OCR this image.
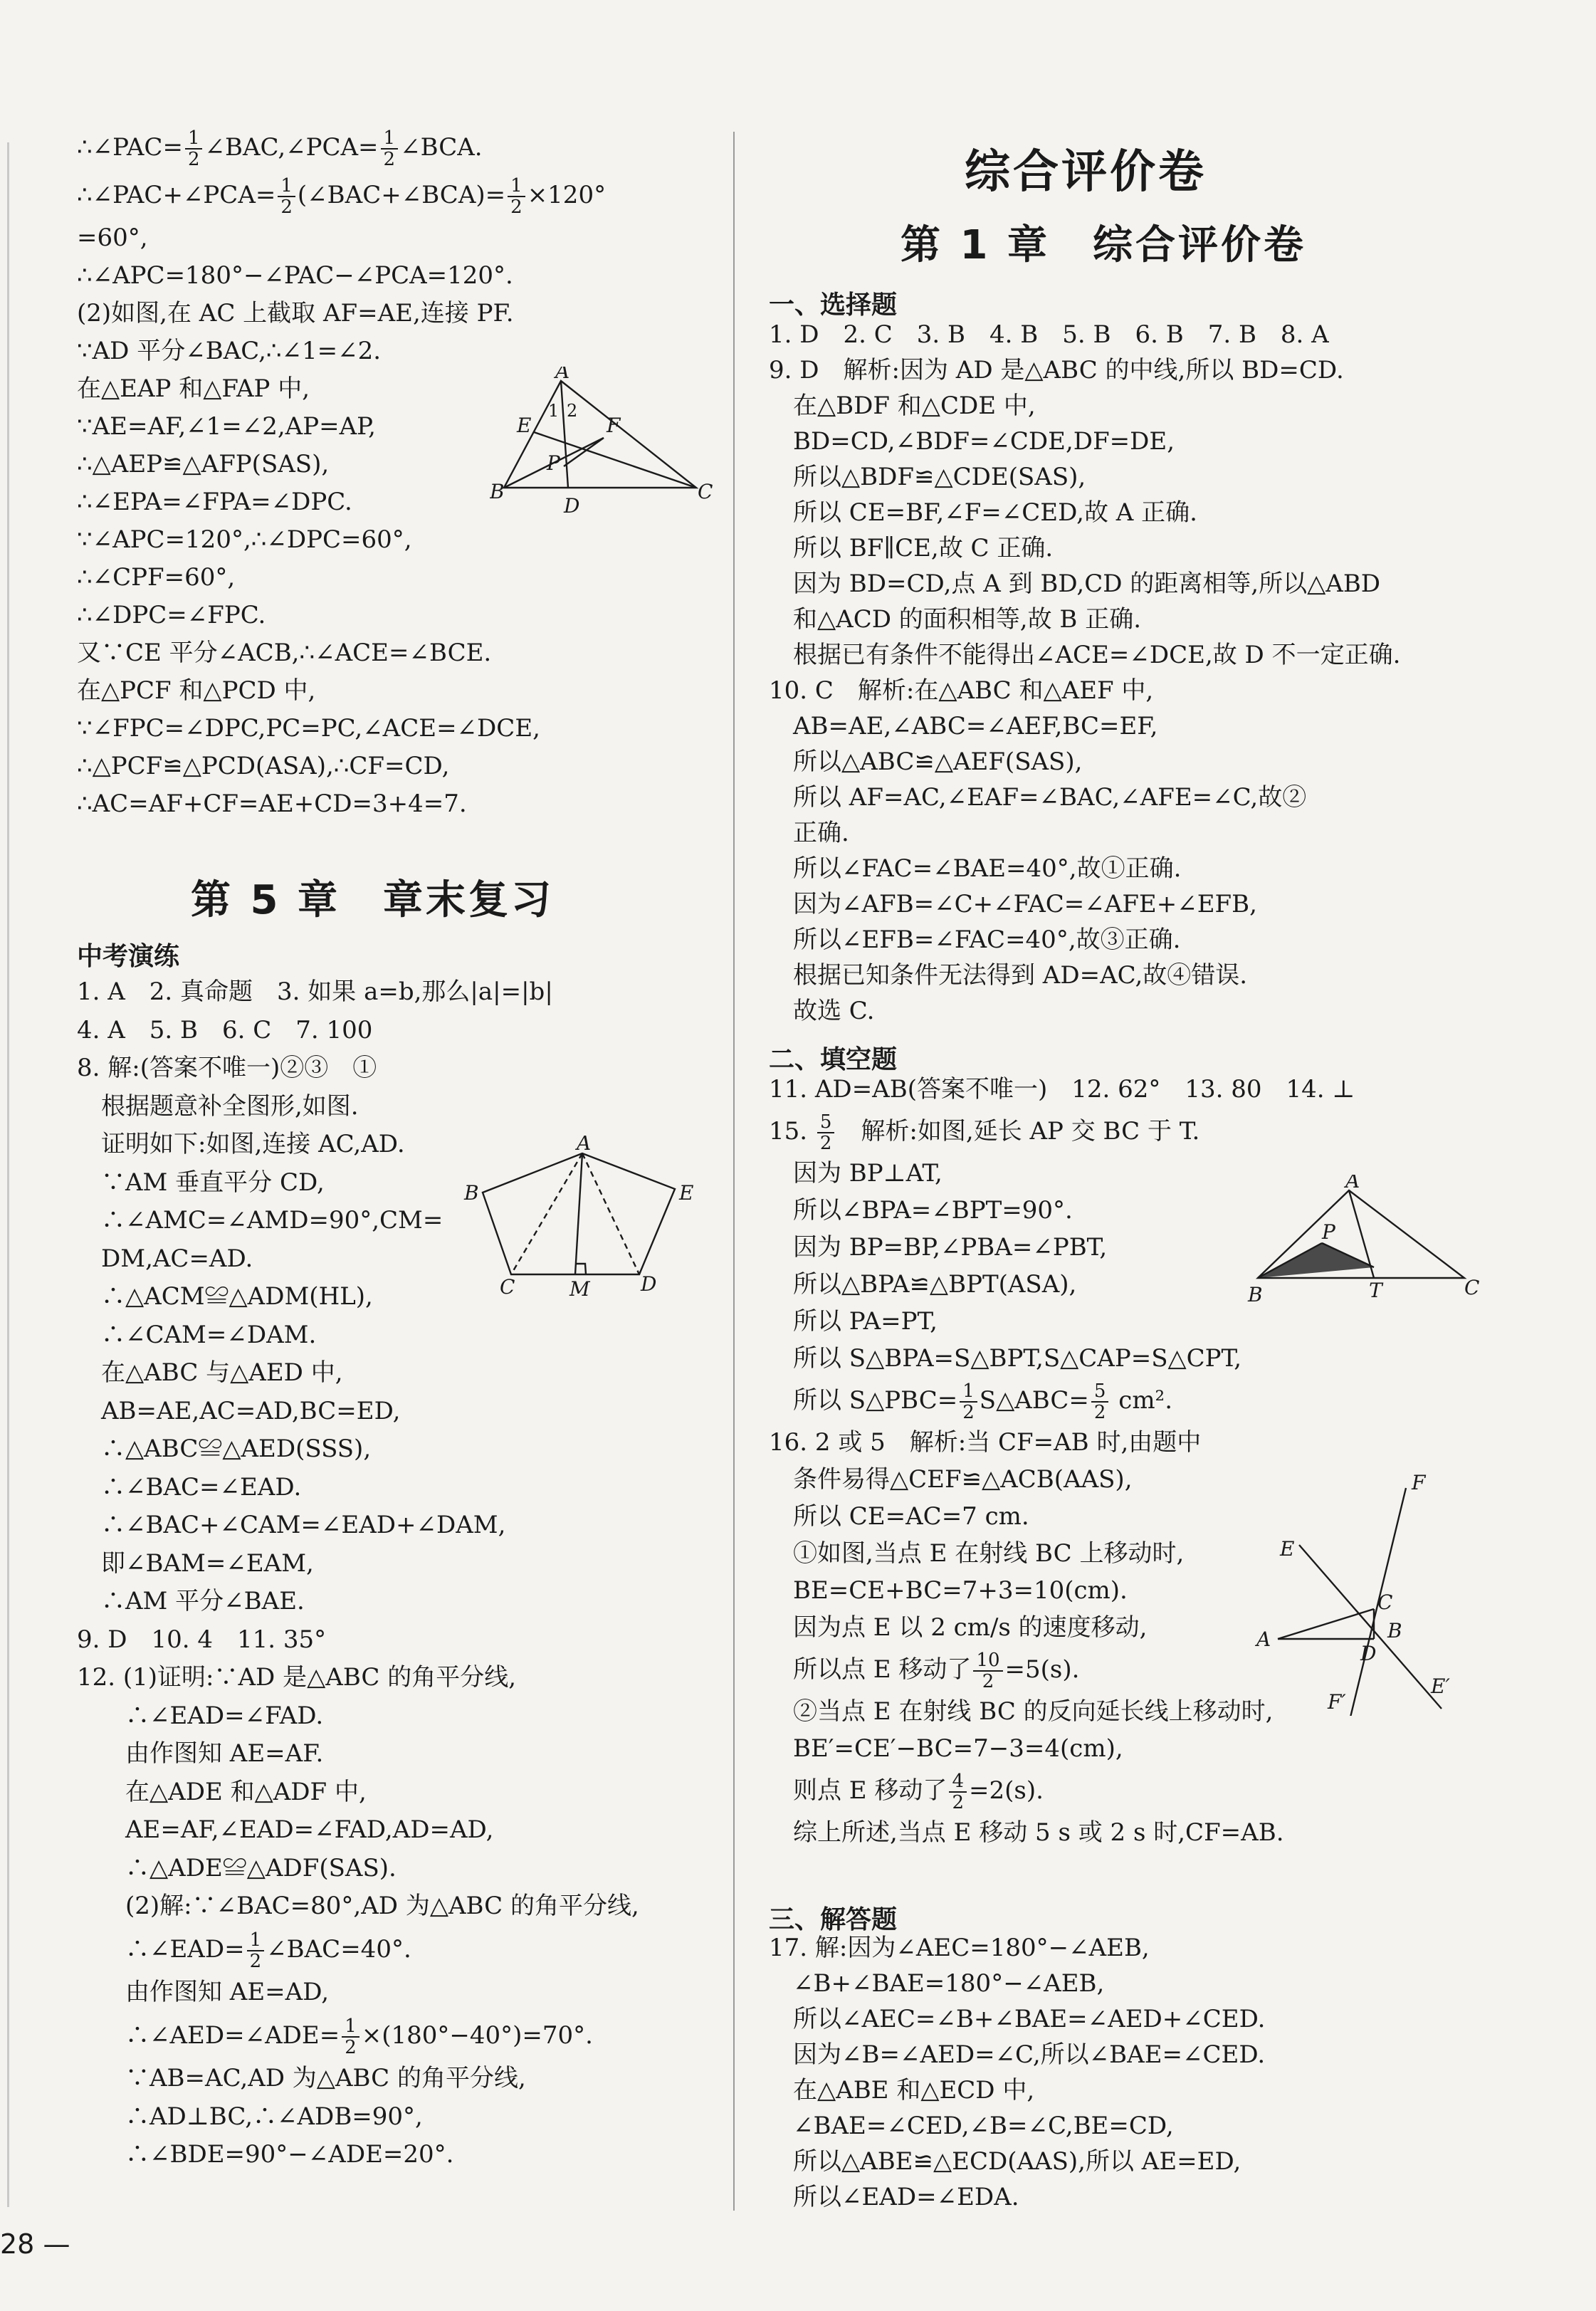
∴∠PAC= $\frac{1}{2}$ ∠BAC,∠PCA= $\frac{1}{2}$ ∠BCA.
∴∠PAC+∠PCA= $\frac{1}{2}$ (∠BAC+∠BCA)= $\frac{1}{2} \times 120^\circ$
=60°,
∴∠APC=180°−∠PAC−∠PCA=120°.
(2)如图,在 AC 上截取 AF=AE,连接 PF.
∵AD 平分∠BAC,∴∠1=∠2.
在△EAP 和△FAP 中,
∵AE=AF,∠1=∠2,AP=AP,
∴△AEP≌△AFP(SAS),
∴∠EPA=∠FPA=∠DPC.
∵∠APC=120°,∴∠DPC=60°,
∴∠CPF=60°,
∴∠DPC=∠FPC.
又∵CE 平分∠ACB,∴∠ACE=∠BCE.
在△PCF 和△PCD 中,
∵∠FPC=∠DPC,PC=PC,∠ACE=∠DCE,
∴△PCF≌△PCD(ASA),∴CF=CD,
∴AC=AF+CF=AE+CD=3+4=7.
第 5 章　章末复习
中考演练
1. A　2. 真命题　3. 如果 a=b,那么|a|=|b|
4. A　5. B　6. C　7. 100
8. 解:(答案不唯一)②③　①
　根据题意补全图形,如图.
　证明如下:如图,连接 AC,AD.
　∵AM 垂直平分 CD,
　∴∠AMC=∠AMD=90°,CM=
　DM,AC=AD.
　∴△ACM≌△ADM(HL),
　∴∠CAM=∠DAM.
　在△ABC 与△AED 中,
　AB=AE,AC=AD,BC=ED,
　∴△ABC≌△AED(SSS),
　∴∠BAC=∠EAD.
　∴∠BAC+∠CAM=∠EAD+∠DAM,
　即∠BAM=∠EAM,
　∴AM 平分∠BAE.
9. D　10. 4　11. 35°
12. (1)证明:∵AD 是△ABC 的角平分线,
　　∴∠EAD=∠FAD.
　　由作图知 AE=AF.
　　在△ADE 和△ADF 中,
　　AE=AF,∠EAD=∠FAD,AD=AD,
　　∴△ADE≌△ADF(SAS).
　　(2)解:∵∠BAC=80°,AD 为△ABC 的角平分线,
　　∴∠EAD= $\frac{1}{2}$ ∠BAC=40°.
　　由作图知 AE=AD,
　　∴∠AED=∠ADE= $\frac{1}{2} \times(180^\circ-40^\circ)=70^\circ$.
　　∵AB=AC,AD 为△ABC 的角平分线,
　　∴AD⊥BC,∴∠ADB=90°,
　　∴∠BDE=90°−∠ADE=20°.
A
B	C
D
E	F
P
1 2
A
B
C	D
E
M
综合评价卷
第 1 章　综合评价卷
一、选择题
1. D　2. C　3. B　4. B　5. B　6. B　7. B　8. A
9. D　解析:因为 AD 是△ABC 的中线,所以 BD=CD.
　在△BDF 和△CDE 中,
　BD=CD,∠BDF=∠CDE,DF=DE,
　所以△BDF≌△CDE(SAS),
　所以 CE=BF,∠F=∠CED,故 A 正确.
　所以 BF∥CE,故 C 正确.
　因为 BD=CD,点 A 到 BD,CD 的距离相等,所以△ABD
　和△ACD 的面积相等,故 B 正确.
　根据已有条件不能得出∠ACE=∠DCE,故 D 不一定正确.
10. C　解析:在△ABC 和△AEF 中,
　AB=AE,∠ABC=∠AEF,BC=EF,
　所以△ABC≌△AEF(SAS),
　所以 AF=AC,∠EAF=∠BAC,∠AFE=∠C,故②
　正确.
　所以∠FAC=∠BAE=40°,故①正确.
　因为∠AFB=∠C+∠FAC=∠AFE+∠EFB,
　所以∠EFB=∠FAC=40°,故③正确.
　根据已知条件无法得到 AD=AC,故④错误.
　故选 C.
二、填空题
11. AD=AB(答案不唯一)　12. 62°　13. 80　14. ⊥
15. $\frac{5}{2}$ 　解析:如图,延长 AP 交 BC 于 T.
　因为 BP⊥AT,
　所以∠BPA=∠BPT=90°.
　因为 BP=BP,∠PBA=∠PBT,
　所以△BPA≌△BPT(ASA),
　所以 PA=PT,
　所以 S△BPA=S△BPT,S△CAP=S△CPT,
　所以 S△PBC= $\frac{1}{2}$ S△ABC= $\frac{5}{2} cm^2$.
16. 2 或 5　解析:当 CF=AB 时,由题中
　条件易得△CEF≌△ACB(AAS),
　所以 CE=AC=7 cm.
　①如图,当点 E 在射线 BC 上移动时,
　BE=CE+BC=7+3=10(cm).
　因为点 E 以 2 cm/s 的速度移动,
　所以点 E 移动了 $\frac{10}{2} =5(s)$.
　②当点 E 在射线 BC 的反向延长线上移动时,
　BE′=CE′−BC=7−3=4(cm),
　则点 E 移动了 $\frac{4}{2} =2(s)$.
　综上所述,当点 E 移动 5 s 或 2 s 时,CF=AB.
三、解答题
17. 解:因为∠AEC=180°−∠AEB,
　∠B+∠BAE=180°−∠AEB,
　所以∠AEC=∠B+∠BAE=∠AED+∠CED.
　因为∠B=∠AED=∠C,所以∠BAE=∠CED.
　在△ABE 和△ECD 中,
　∠BAE=∠CED,∠B=∠C,BE=CD,
　所以△ABE≌△ECD(AAS),所以 AE=ED,
　所以∠EAD=∠EDA.
A
B	C
P
T
A	B
C
D
E
E′
F
F′
28 —
